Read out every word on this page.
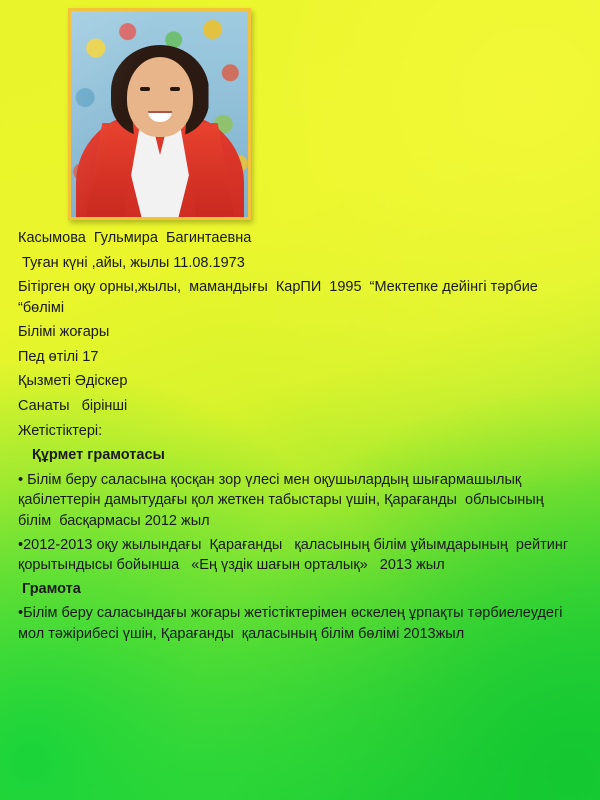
Касымова  Гульмира  Багинтаевна

Туған күні ,айы, жылы 11.08.1973

Бітірген оқу орны,жылы,  мамандығы  КарПИ  1995  “Мектепке дейінгі тәрбие “бөлімі

Білімі жоғары

Пед өтілі 17

Қызметі Әдіскер

Санаты   бірінші

Жетістіктері:

Құрмет грамотасы

• Білім беру саласына қосқан зор үлесі мен оқушылардың шығармашылық  қабілеттерін дамытудағы қол жеткен табыстары үшін, Қарағанды  облысының  білім  басқармасы 2012 жыл

•2012-2013 оқу жылындағы  Қарағанды   қаласының білім ұйымдарының  рейтинг қорытындысы бойынша   «Ең үздік шағын орталық»   2013 жыл

Грамота

•Білім беру саласындағы жоғары жетістіктерімен өскелең ұрпақты тәрбиелеудегі мол тәжірибесі үшін, Қарағанды  қаласының білім бөлімі 2013жыл
